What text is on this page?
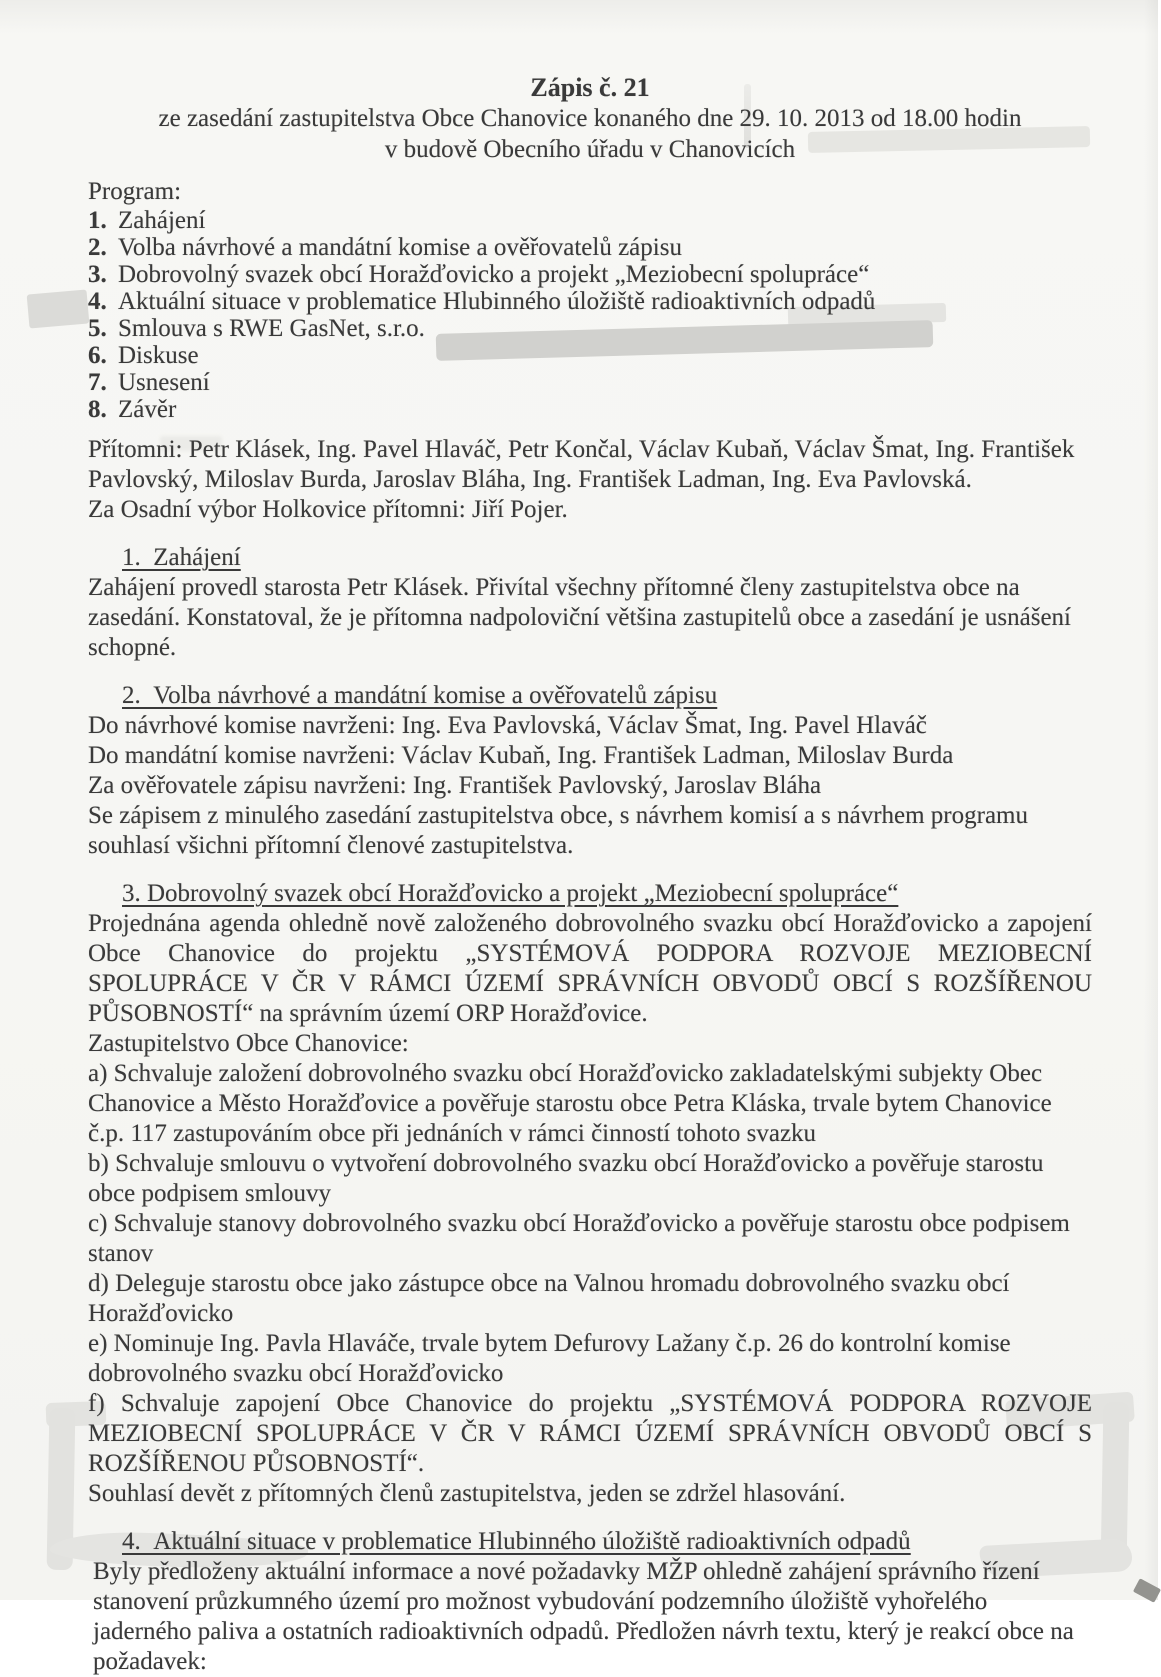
Zápis č. 21
ze zasedání zastupitelstva Obce Chanovice konaného dne 29. 10. 2013 od 18.00 hodin
v budově Obecního úřadu v Chanovicích
Program:
1. Zahájení
2. Volba návrhové a mandátní komise a ověřovatelů zápisu
3. Dobrovolný svazek obcí Horažďovicko a projekt „Meziobecní spolupráce“
4. Aktuální situace v problematice Hlubinného úložiště radioaktivních odpadů
5. Smlouva s RWE GasNet, s.r.o.
6. Diskuse
7. Usnesení
8. Závěr

Přítomni: Petr Klásek, Ing. Pavel Hlaváč, Petr Končal, Václav Kubaň, Václav Šmat, Ing. František Pavlovský, Miloslav Burda, Jaroslav Bláha, Ing. František Ladman, Ing. Eva Pavlovská.

Za Osadní výbor Holkovice přítomni: Jiří Pojer.

1.  Zahájení

Zahájení provedl starosta Petr Klásek. Přivítal všechny přítomné členy zastupitelstva obce na zasedání. Konstatoval, že je přítomna nadpoloviční většina zastupitelů obce a zasedání je usnášení schopné.

2.  Volba návrhové a mandátní komise a ověřovatelů zápisu

Do návrhové komise navrženi: Ing. Eva Pavlovská, Václav Šmat, Ing. Pavel Hlaváč

Do mandátní komise navrženi: Václav Kubaň, Ing. František Ladman, Miloslav Burda

Za ověřovatele zápisu navrženi: Ing. František Pavlovský, Jaroslav Bláha

Se zápisem z minulého zasedání zastupitelstva obce, s návrhem komisí a s návrhem programu souhlasí všichni přítomní členové zastupitelstva.

3. Dobrovolný svazek obcí Horažďovicko a projekt „Meziobecní spolupráce“

Projednána agenda ohledně nově založeného dobrovolného svazku obcí Horažďovicko a zapojení Obce Chanovice do projektu „SYSTÉMOVÁ PODPORA ROZVOJE MEZIOBECNÍ SPOLUPRÁCE V ČR V RÁMCI ÚZEMÍ SPRÁVNÍCH OBVODŮ OBCÍ S ROZŠÍŘENOU PŮSOBNOSTÍ“ na správním území ORP Horažďovice.

Zastupitelstvo Obce Chanovice:

a) Schvaluje založení dobrovolného svazku obcí Horažďovicko zakladatelskými subjekty Obec Chanovice a Město Horažďovice a pověřuje starostu obce Petra Kláska, trvale bytem Chanovice č.p. 117 zastupováním obce při jednáních v rámci činností tohoto svazku

b) Schvaluje smlouvu o vytvoření dobrovolného svazku obcí Horažďovicko a pověřuje starostu obce podpisem smlouvy

c) Schvaluje stanovy dobrovolného svazku obcí Horažďovicko a pověřuje starostu obce podpisem stanov

d) Deleguje starostu obce jako zástupce obce na Valnou hromadu dobrovolného svazku obcí Horažďovicko

e) Nominuje Ing. Pavla Hlaváče, trvale bytem Defurovy Lažany č.p. 26 do kontrolní komise dobrovolného svazku obcí Horažďovicko

f) Schvaluje zapojení Obce Chanovice do projektu „SYSTÉMOVÁ PODPORA ROZVOJE MEZIOBECNÍ SPOLUPRÁCE V ČR V RÁMCI ÚZEMÍ SPRÁVNÍCH OBVODŮ OBCÍ S ROZŠÍŘENOU PŮSOBNOSTÍ“.

Souhlasí devět z přítomných členů zastupitelstva, jeden se zdržel hlasování.

4.  Aktuální situace v problematice Hlubinného úložiště radioaktivních odpadů

Byly předloženy aktuální informace a nové požadavky MŽP ohledně zahájení správního řízení stanovení průzkumného území pro možnost vybudování podzemního úložiště vyhořelého jaderného paliva a ostatních radioaktivních odpadů. Předložen návrh textu, který je reakcí obce na požadavek:
